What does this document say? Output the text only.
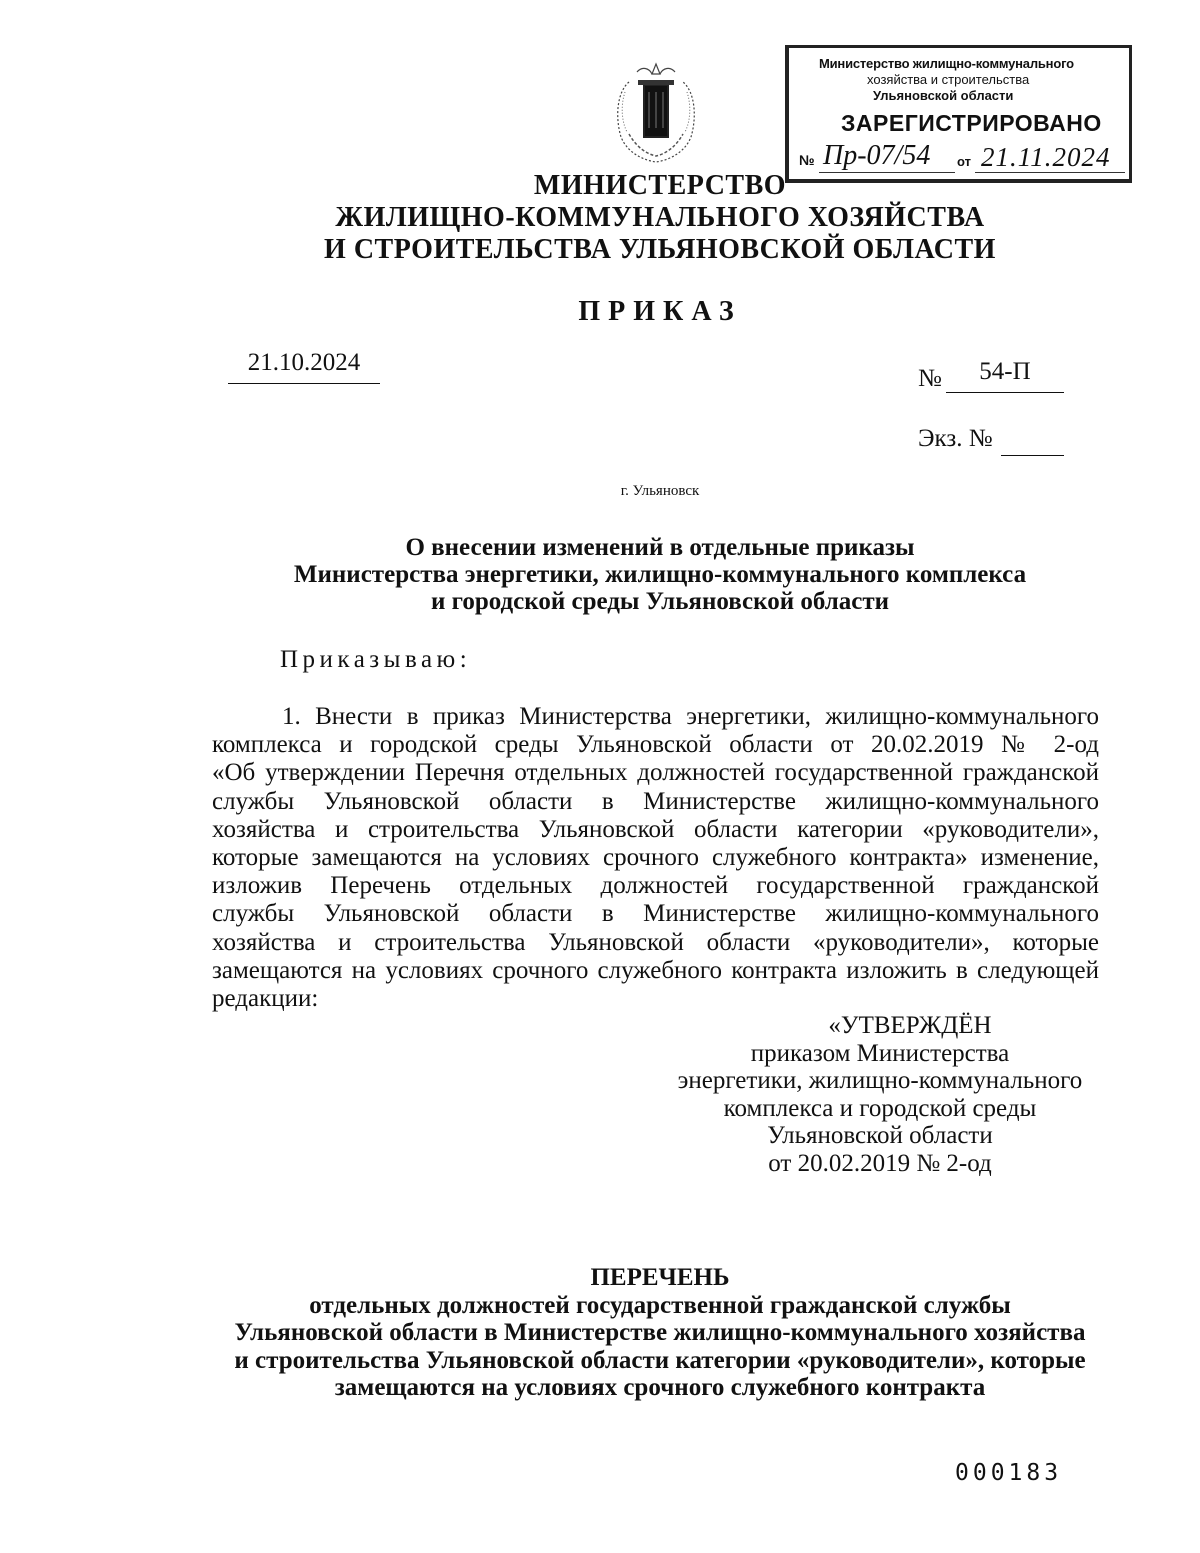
Министерство жилищно-коммунального
хозяйства и строительства
Ульяновской области
ЗАРЕГИСТРИРОВАНО
№ Пр-07/54 от 21.11.2024
МИНИСТЕРСТВО
ЖИЛИЩНО-КОММУНАЛЬНОГО ХОЗЯЙСТВА
И СТРОИТЕЛЬСТВА УЛЬЯНОВСКОЙ ОБЛАСТИ
ПРИКАЗ
21.10.2024
№	54-П
Экз. №
г. Ульяновск
О внесении изменений в отдельные приказы
Министерства энергетики, жилищно-коммунального комплекса
и городской среды Ульяновской области
Приказываю:
1. Внести в приказ Министерства энергетики, жилищно-коммунального
комплекса и городской среды Ульяновской области от 20.02.2019 № 2-од
«Об утверждении Перечня отдельных должностей государственной гражданской
службы Ульяновской области в Министерстве жилищно-коммунального
хозяйства и строительства Ульяновской области категории «руководители»,
которые замещаются на условиях срочного служебного контракта» изменение,
изложив Перечень отдельных должностей государственной гражданской
службы Ульяновской области в Министерстве жилищно-коммунального
хозяйства и строительства Ульяновской области «руководители», которые
замещаются на условиях срочного служебного контракта изложить в следующей
редакции:
«УТВЕРЖДЁН
приказом Министерства
энергетики, жилищно-коммунального
комплекса и городской среды
Ульяновской области
от 20.02.2019 № 2-од
ПЕРЕЧЕНЬ
отдельных должностей государственной гражданской службы
Ульяновской области в Министерстве жилищно-коммунального хозяйства
и строительства Ульяновской области категории «руководители», которые
замещаются на условиях срочного служебного контракта
000183
